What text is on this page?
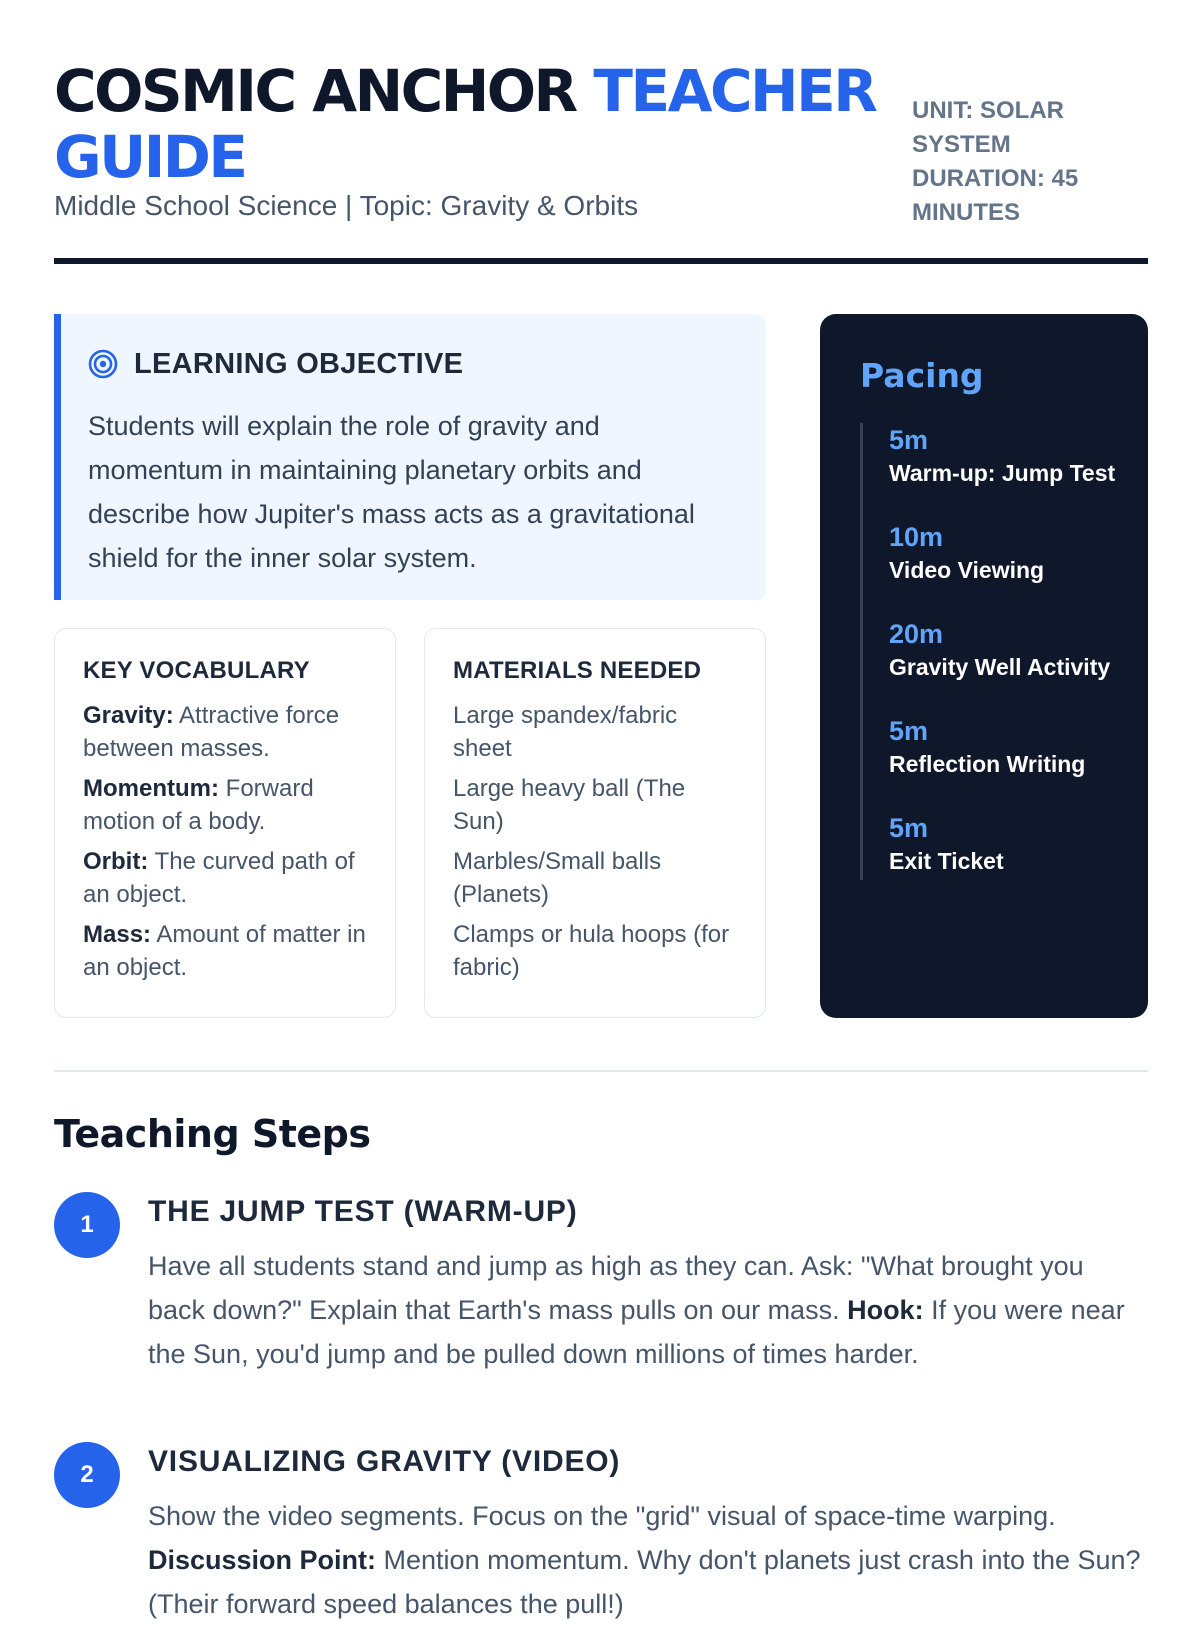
COSMIC ANCHOR TEACHER GUIDE
Middle School Science | Topic: Gravity & Orbits
UNIT: SOLAR SYSTEM
DURATION: 45 MINUTES
LEARNING OBJECTIVE

Students will explain the role of gravity and momentum in maintaining planetary orbits and describe how Jupiter's mass acts as a gravitational shield for the inner solar system.

KEY VOCABULARY
Gravity: Attractive force between masses.
Momentum: Forward motion of a body.
Orbit: The curved path of an object.
Mass: Amount of matter in an object.
MATERIALS NEEDED
Large spandex/fabric sheet
Large heavy ball (The Sun)
Marbles/Small balls (Planets)
Clamps or hula hoops (for fabric)
Pacing
5m
Warm-up: Jump Test
10m
Video Viewing
20m
Gravity Well Activity
5m
Reflection Writing
5m
Exit Ticket
Teaching Steps
1	THE JUMP TEST (WARM-UP)

Have all students stand and jump as high as they can. Ask: "What brought you back down?" Explain that Earth's mass pulls on our mass. Hook: If you were near the Sun, you'd jump and be pulled down millions of times harder.

2	VISUALIZING GRAVITY (VIDEO)

Show the video segments. Focus on the "grid" visual of space-time warping. Discussion Point: Mention momentum. Why don't planets just crash into the Sun? (Their forward speed balances the pull!)
